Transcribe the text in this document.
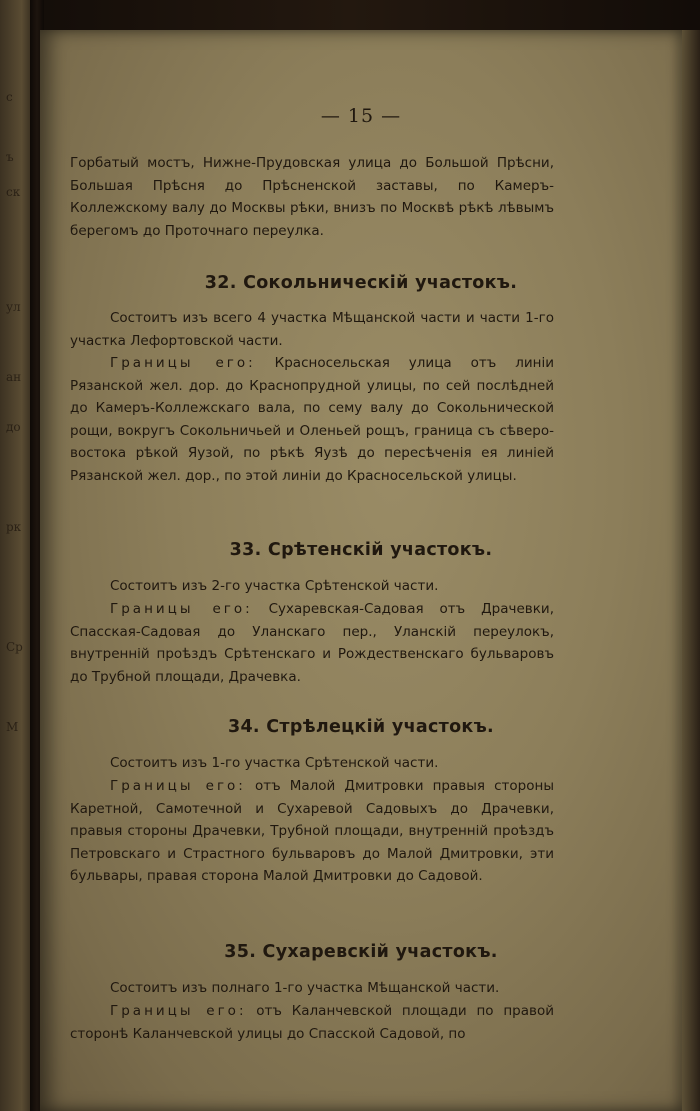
с
ъ
ск
ул
ан
до
рк
Ср
М
— 15 —

Горбатый мостъ, Нижне-Прудовская улица до Большой Прѣсни, Большая Прѣсня до Прѣсненской заставы, по Камеръ-Коллежскому валу до Москвы рѣки, внизъ по Москвѣ рѣкѣ лѣвымъ берегомъ до Проточнаго переулка.

32. Сокольническій участокъ.

Состоитъ изъ всего 4 участка Мѣщанской части и части 1-го участка Лефортовской части.

Границы его: Красносельская улица отъ линіи Рязанской жел. дор. до Краснопрудной улицы, по сей послѣдней до Камеръ-Коллежскаго вала, по сему валу до Сокольнической рощи, вокругъ Сокольничьей и Оленьей рощъ, граница съ сѣверо-востока рѣкой Яузой, по рѣкѣ Яузѣ до пересѣченія ея линіей Рязанской жел. дор., по этой линіи до Красносельской улицы.

33. Срѣтенскій участокъ.

Состоитъ изъ 2-го участка Срѣтенской части.

Границы его: Сухаревская-Садовая отъ Драчевки, Спасская-Садовая до Уланскаго пер., Уланскій переулокъ, внутренній проѣздъ Срѣтенскаго и Рождественскаго бульваровъ до Трубной площади, Драчевка.

34. Стрѣлецкій участокъ.

Состоитъ изъ 1-го участка Срѣтенской части.

Границы его: отъ Малой Дмитровки правыя стороны Каретной, Самотечной и Сухаревой Садовыхъ до Драчевки, правыя стороны Драчевки, Трубной площади, внутренній проѣздъ Петровскаго и Страстного бульваровъ до Малой Дмитровки, эти бульвары, правая сторона Малой Дмитровки до Садовой.

35. Сухаревскій участокъ.

Состоитъ изъ полнаго 1-го участка Мѣщанской части.

Границы его: отъ Каланчевской площади по правой сторонѣ Каланчевской улицы до Спасской Садовой, по
